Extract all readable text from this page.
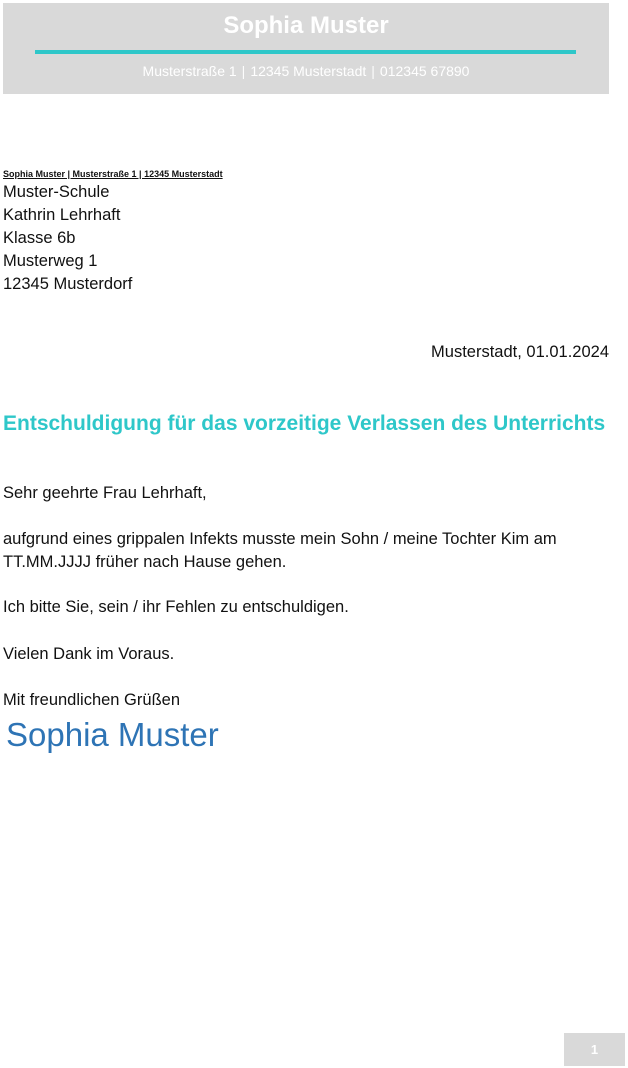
Sophia Muster
Musterstraße 1 | 12345 Musterstadt | 012345 67890
Sophia Muster | Musterstraße 1 | 12345 Musterstadt
Muster-Schule
Kathrin Lehrhaft
Klasse 6b
Musterweg 1
12345 Musterdorf
Musterstadt, 01.01.2024
Entschuldigung für das vorzeitige Verlassen des Unterrichts
Sehr geehrte Frau Lehrhaft,
aufgrund eines grippalen Infekts musste mein Sohn / meine Tochter Kim am TT.MM.JJJJ früher nach Hause gehen.
Ich bitte Sie, sein / ihr Fehlen zu entschuldigen.
Vielen Dank im Voraus.
Mit freundlichen Grüßen
Sophia Muster
1
